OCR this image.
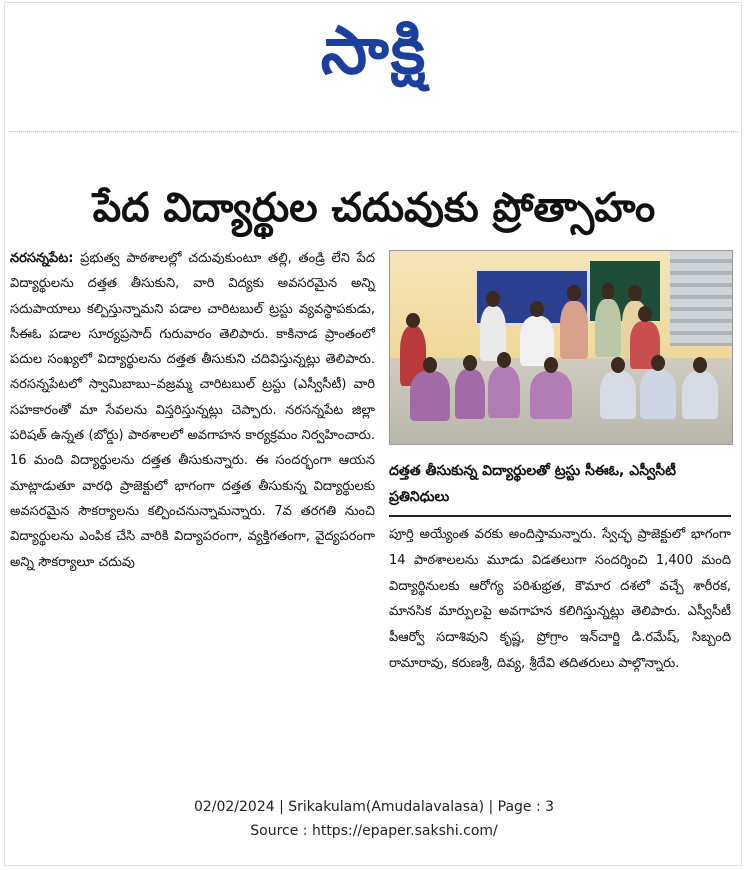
సాక్షి
పేద విద్యార్థుల చదువుకు ప్రోత్సాహం
నరసన్నపేట: ప్రభుత్వ పాఠశాలల్లో చదువుకుంటూ తల్లి, తండ్రి లేని పేద విద్యార్థులను దత్తత తీసుకుని, వారి విద్యకు అవసరమైన అన్ని సదుపాయాలు కల్పిస్తున్నామని పడాల చారిటబుల్ ట్రస్టు వ్యవస్థాపకుడు, సీఈఓ పడాల సూర్యప్రసాద్ గురువారం తెలిపారు. కాకినాడ ప్రాంతంలో పదుల సంఖ్యలో విద్యార్థులను దత్తత తీసుకుని చదివిస్తున్నట్లు తెలిపారు. నరసన్నపేటలో స్వామిబాబు–వజ్రమ్మ చారిటబుల్ ట్రస్టు (ఎస్వీసీటీ) వారి సహకారంతో మా సేవలను విస్తరిస్తున్నట్లు చెప్పారు. నరసన్నపేట జిల్లా పరిషత్ ఉన్నత (బోర్డు) పాఠశాలలో అవగాహన కార్యక్రమం నిర్వహించారు. 16 మంది విద్యార్థులను దత్తత తీసుకున్నారు. ఈ సందర్భంగా ఆయన మాట్లాడుతూ వారధి ప్రాజెక్టులో భాగంగా దత్తత తీసుకున్న విద్యార్థులకు అవసరమైన సౌకర్యాలను కల్పించనున్నామన్నారు. 7వ తరగతి నుంచి విద్యార్థులను ఎంపిక చేసి వారికి విద్యాపరంగా, వ్యక్తిగతంగా, వైద్యపరంగా అన్ని సౌకర్యాలూ చదువు
దత్తత తీసుకున్న విద్యార్థులతో ట్రస్టు సీఈఓ, ఎస్వీసీటీ ప్రతినిధులు
పూర్తి అయ్యేంత వరకు అందిస్తామన్నారు. స్వేచ్ఛ ప్రాజెక్టులో భాగంగా 14 పాఠశాలలను మూడు విడతలుగా సందర్శించి 1,400 మంది విద్యార్థినులకు ఆరోగ్య పరిశుభ్రత, కౌమార దశలో వచ్చే శారీరక, మానసిక మార్పులపై అవగాహన కలిగిస్తున్నట్లు తెలిపారు. ఎస్వీసీటీ పీఆర్వో సదాశివుని కృష్ణ, ప్రోగ్రాం ఇన్‌చార్జి డి.రమేష్, సిబ్బంది రామారావు, కరుణశ్రీ, దివ్య, శ్రీదేవి తదితరులు పాల్గొన్నారు.
02/02/2024 | Srikakulam(Amudalavalasa) | Page : 3
Source : https://epaper.sakshi.com/
